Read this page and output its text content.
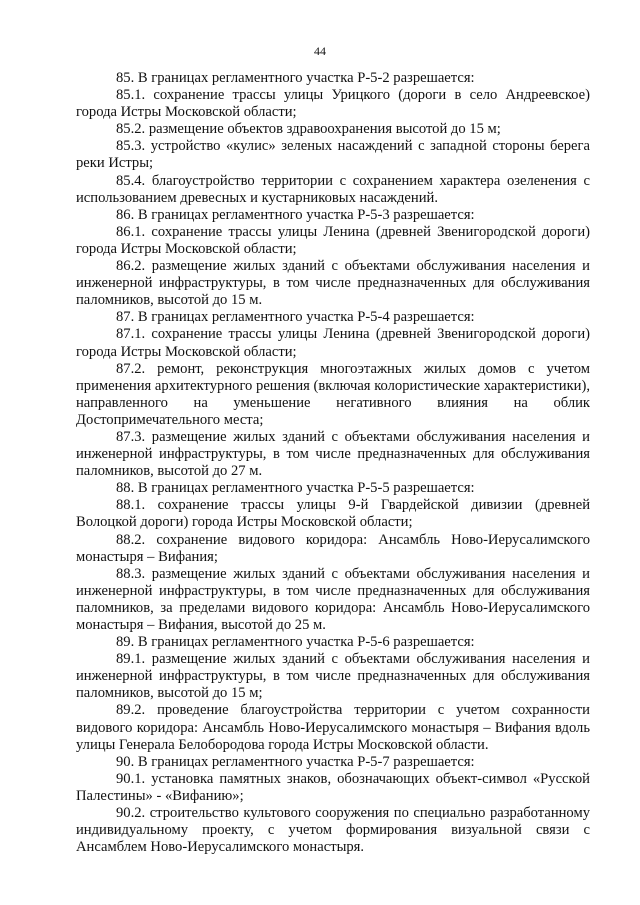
44

85. В границах регламентного участка Р-5-2 разрешается:

85.1. сохранение трассы улицы Урицкого (дороги в село Андреевское) города Истры Московской области;

85.2. размещение объектов здравоохранения высотой до 15 м;

85.3. устройство «кулис» зеленых насаждений с западной стороны берега реки Истры;

85.4. благоустройство территории с сохранением характера озеленения с использованием древесных и кустарниковых насаждений.

86. В границах регламентного участка Р-5-3 разрешается:

86.1. сохранение трассы улицы Ленина (древней Звенигородской дороги) города Истры Московской области;

86.2. размещение жилых зданий с объектами обслуживания населения и инженерной инфраструктуры, в том числе предназначенных для обслуживания паломников, высотой до 15 м.

87. В границах регламентного участка Р-5-4 разрешается:

87.1. сохранение трассы улицы Ленина (древней Звенигородской дороги) города Истры Московской области;

87.2. ремонт, реконструкция многоэтажных жилых домов с учетом применения архитектурного решения (включая колористические характеристики), направленного на уменьшение негативного влияния на облик Достопримечательного места;

87.3. размещение жилых зданий с объектами обслуживания населения и инженерной инфраструктуры, в том числе предназначенных для обслуживания паломников, высотой до 27 м.

88. В границах регламентного участка Р-5-5 разрешается:

88.1. сохранение трассы улицы 9-й Гвардейской дивизии (древней Волоцкой дороги) города Истры Московской области;

88.2. сохранение видового коридора: Ансамбль Ново-Иерусалимского монастыря – Вифания;

88.3. размещение жилых зданий с объектами обслуживания населения и инженерной инфраструктуры, в том числе предназначенных для обслуживания паломников, за пределами видового коридора: Ансамбль Ново-Иерусалимского монастыря – Вифания, высотой до 25 м.

89. В границах регламентного участка Р-5-6 разрешается:

89.1. размещение жилых зданий с объектами обслуживания населения и инженерной инфраструктуры, в том числе предназначенных для обслуживания паломников, высотой до 15 м;

89.2. проведение благоустройства территории с учетом сохранности видового коридора: Ансамбль Ново-Иерусалимского монастыря – Вифания вдоль улицы Генерала Белобородова города Истры Московской области.

90. В границах регламентного участка Р-5-7 разрешается:

90.1. установка памятных знаков, обозначающих объект-символ «Русской Палестины» - «Вифанию»;

90.2. строительство культового сооружения по специально разработанному индивидуальному проекту, с учетом формирования визуальной связи с Ансамблем Ново-Иерусалимского монастыря.
